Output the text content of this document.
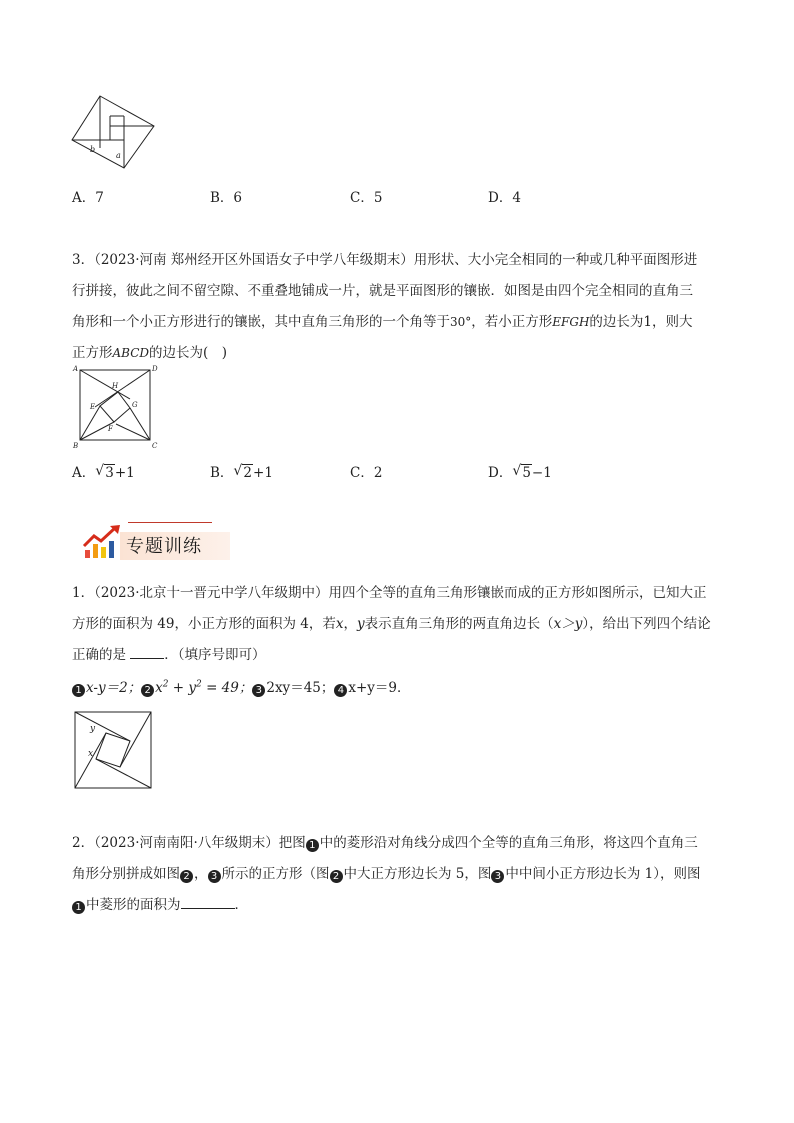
b
a
A．7	B．6	C．5	D．4
3．（2023·河南 郑州经开区外国语女子中学八年级期末）用形状、大小完全相同的一种或几种平面图形进
行拼接，彼此之间不留空隙、不重叠地铺成一片，就是平面图形的镶嵌．如图是由四个完全相同的直角三
角形和一个小正方形进行的镶嵌，其中直角三角形的一个角等于30°，若小正方形EFGH的边长为1，则大
正方形ABCD的边长为(　)
A	D
B	C
H
E	G
F
A． √ 3+1	B． √ 2+1	C．2	D． √ 5−1
专题训练
1．（2023·北京十一晋元中学八年级期中）用四个全等的直角三角形镶嵌而成的正方形如图所示，已知大正
方形的面积为 49，小正方形的面积为 4，若x，y表示直角三角形的两直角边长（x＞y），给出下列四个结论
正确的是	．（填序号即可）
1 x-y＝2； 2 $x^2 + y^2 = 49$； 3 2xy＝45； 4 x+y＝9．
y
x
2．（2023·河南南阳·八年级期末）把图 1 中的菱形沿对角线分成四个全等的直角三角形，将这四个直角三
角形分别拼成如图 2 ， 3 所示的正方形（图 2 中大正方形边长为 5，图 3 中中间小正方形边长为 1），则图
1 中菱形的面积为	．
